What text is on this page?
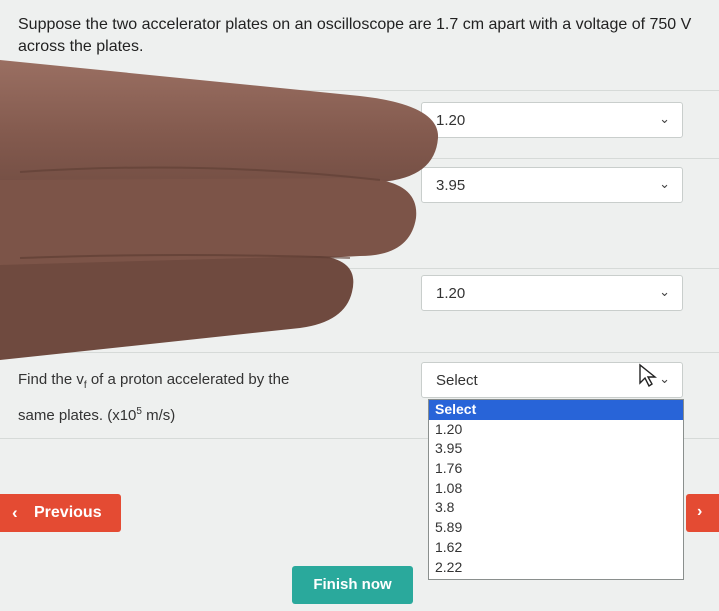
Suppose the two accelerator plates on an oscilloscope are 1.7 cm apart with a voltage of 750 V across the plates.
1.20	⌄
3.95	⌄
1.20	⌄
Find the $v_f$ of a proton accelerated by the
same plates. ($x10^5$ m/s)
Select	⌄
Select
1.20
3.95
1.76
1.08
3.8
5.89
1.62
2.22
‹ Previous	›
Finish now
